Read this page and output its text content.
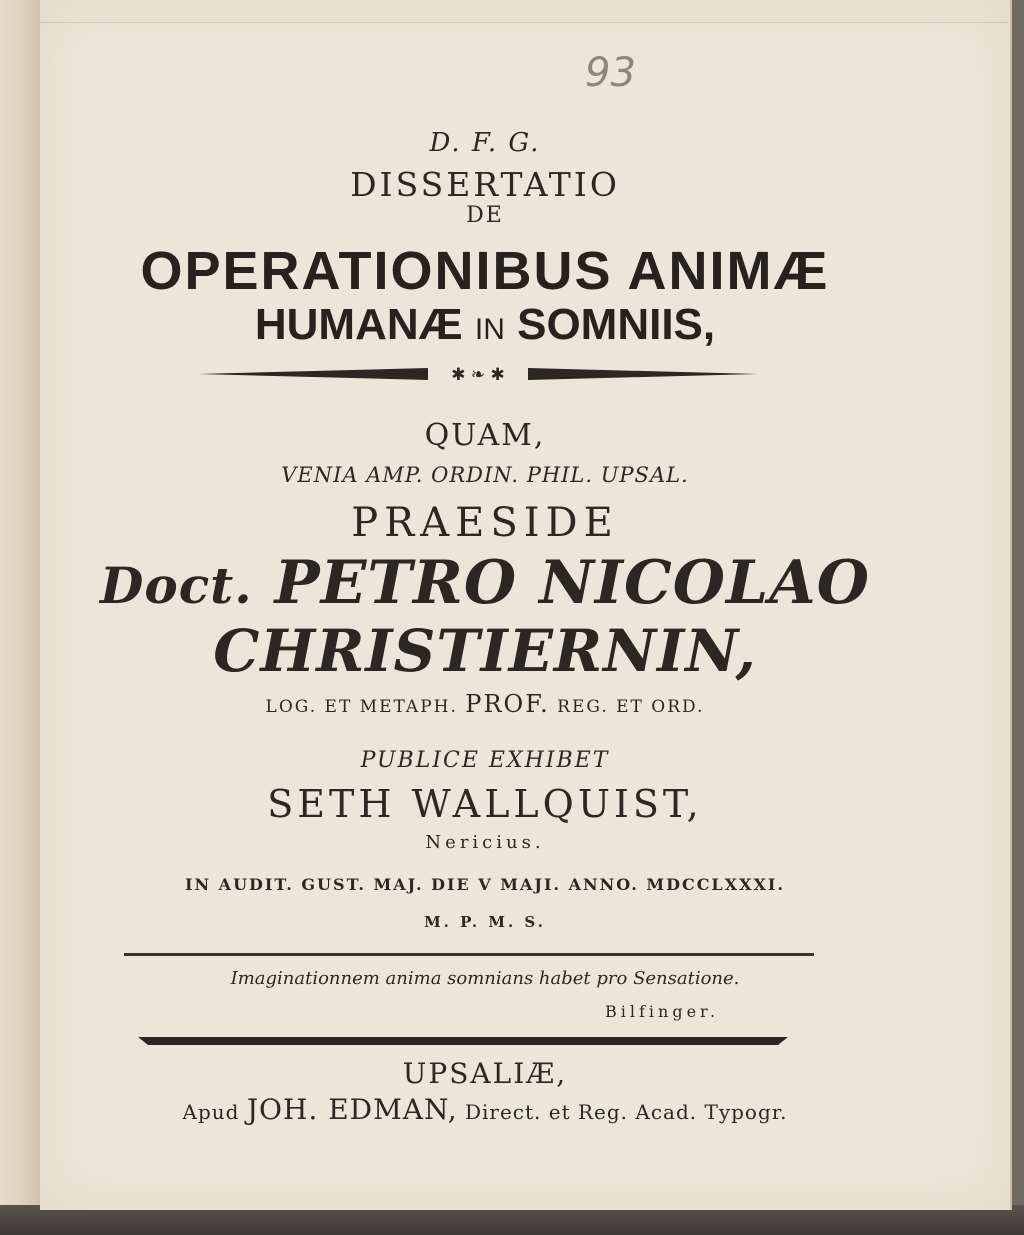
93
D. F. G.
DISSERTATIO
DE
OPERATIONIBUS ANIMÆ
HUMANÆ IN SOMNIIS,
✱ ❧ ✱
QUAM,
VENIA AMP. ORDIN. PHIL. UPSAL.
PRAESIDE
Doct. PETRO NICOLAO
CHRISTIERNIN,
LOG. ET METAPH. PROF. REG. ET ORD.
PUBLICE EXHIBET
SETH WALLQUIST,
Nericius.
IN AUDIT. GUST. MAJ. DIE V MAJI. ANNO. MDCCLXXXI.
M. P. M. S.
Imaginationnem anima somnians habet pro Sensatione.
Bilfinger.
UPSALIÆ,
Apud JOH. EDMAN, Direct. et Reg. Acad. Typogr.
